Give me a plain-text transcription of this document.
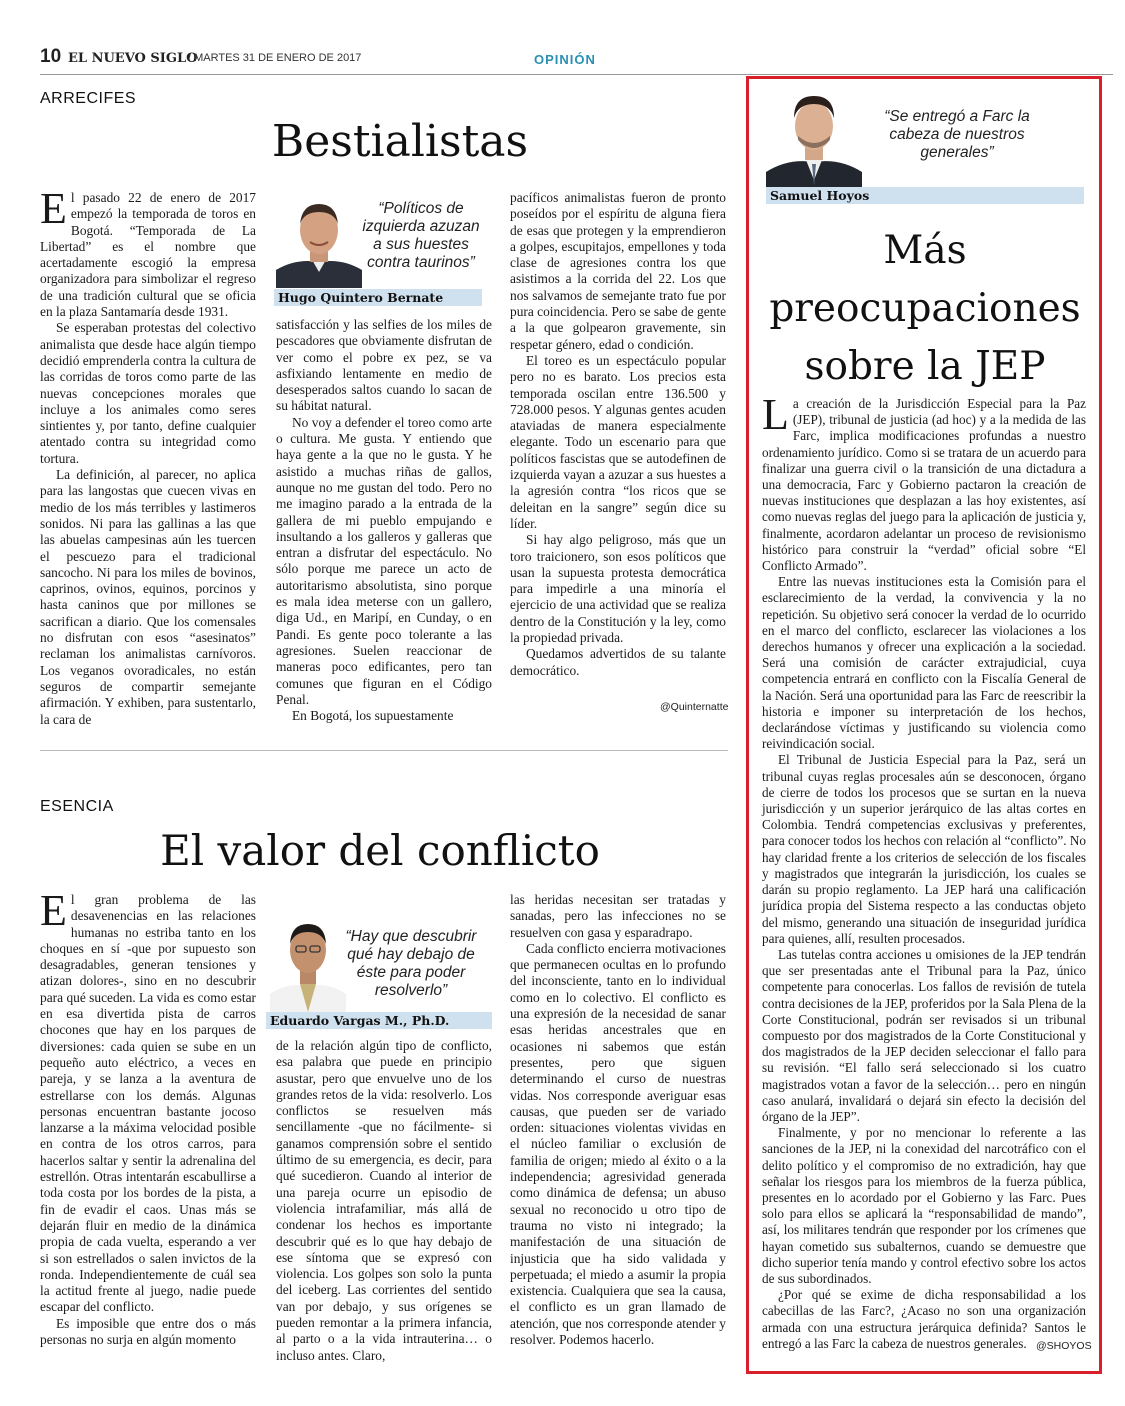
10 EL NUEVO SIGLO
/ MARTES 31 DE ENERO DE 2017	OPINIÓN
ARRECIFES
Bestialistas
E l pasado 22 de enero de 2017 empezó la temporada de toros en Bogotá. “Temporada de La Libertad” es el nombre que acertadamente escogió la empresa organizadora para simbolizar el regreso de una tradición cultural que se oficia en la plaza Santamaría desde 1931.

Se esperaban protestas del colectivo animalista que desde hace algún tiempo decidió emprenderla contra la cultura de las corridas de toros como parte de las nuevas concepciones morales que incluye a los animales como seres sintientes y, por tanto, define cualquier atentado contra su integridad como tortura.

La definición, al parecer, no aplica para las langostas que cuecen vivas en medio de los más terribles y lastimeros sonidos. Ni para las gallinas a las que las abuelas campesinas aún les tuercen el pescuezo para el tradicional sancocho. Ni para los miles de bovinos, caprinos, ovinos, equinos, porcinos y hasta caninos que por millones se sacrifican a diario. Que los comensales no disfrutan con esos “asesinatos” reclaman los animalistas carnívoros. Los veganos ovoradicales, no están seguros de compartir semejante afirmación. Y exhiben, para sustentarlo, la cara de

“Políticos de izquierda azuzan a sus huestes contra taurinos”
Hugo Quintero Bernate

satisfacción y las selfies de los miles de pescadores que obviamente disfrutan de ver como el pobre ex pez, se va asfixiando lentamente en medio de desesperados saltos cuando lo sacan de su hábitat natural.

No voy a defender el toreo como arte o cultura. Me gusta. Y entiendo que haya gente a la que no le gusta. Y he asistido a muchas riñas de gallos, aunque no me gustan del todo. Pero no me imagino parado a la entrada de la gallera de mi pueblo empujando e insultando a los galleros y galleras que entran a disfrutar del espectáculo. No sólo porque me parece un acto de autoritarismo absolutista, sino porque es mala idea meterse con un gallero, diga Ud., en Maripí, en Cunday, o en Pandi. Es gente poco tolerante a las agresiones. Suelen reaccionar de maneras poco edificantes, pero tan comunes que figuran en el Código Penal.

En Bogotá, los supuestamente

pacíficos animalistas fueron de pronto poseídos por el espíritu de alguna fiera de esas que protegen y la emprendieron a golpes, escupitajos, empellones y toda clase de agresiones contra los que asistimos a la corrida del 22. Los que nos salvamos de semejante trato fue por pura coincidencia. Pero se sabe de gente a la que golpearon gravemente, sin respetar género, edad o condición.

El toreo es un espectáculo popular pero no es barato. Los precios esta temporada oscilan entre 136.500 y 728.000 pesos. Y algunas gentes acuden ataviadas de manera especialmente elegante. Todo un escenario para que políticos fascistas que se autodefinen de izquierda vayan a azuzar a sus huestes a la agresión contra “los ricos que se deleitan en la sangre” según dice su líder.

Si hay algo peligroso, más que un toro traicionero, son esos políticos que usan la supuesta protesta democrática para impedirle a una minoría el ejercicio de una actividad que se realiza dentro de la Constitución y la ley, como la propiedad privada.

Quedamos advertidos de su talante democrático.

@Quinternatte
ESENCIA
El valor del conflicto
E l gran problema de las desavenencias en las relaciones humanas no estriba tanto en los choques en sí -que por supuesto son desagradables, generan tensiones y atizan dolores-, sino en no descubrir para qué suceden. La vida es como estar en esa divertida pista de carros chocones que hay en los parques de diversiones: cada quien se sube en un pequeño auto eléctrico, a veces en pareja, y se lanza a la aventura de estrellarse con los demás. Algunas personas encuentran bastante jocoso lanzarse a la máxima velocidad posible en contra de los otros carros, para hacerlos saltar y sentir la adrenalina del estrellón. Otras intentarán escabullirse a toda costa por los bordes de la pista, a fin de evadir el caos. Unas más se dejarán fluir en medio de la dinámica propia de cada vuelta, esperando a ver si son estrellados o salen invictos de la ronda. Independientemente de cuál sea la actitud frente al juego, nadie puede escapar del conflicto.

Es imposible que entre dos o más personas no surja en algún momento

“Hay que descubrir qué hay debajo de éste para poder resolverlo”
Eduardo Vargas M., Ph.D.

de la relación algún tipo de conflicto, esa palabra que puede en principio asustar, pero que envuelve uno de los grandes retos de la vida: resolverlo. Los conflictos se resuelven más sencillamente -que no fácilmente- si ganamos comprensión sobre el sentido último de su emergencia, es decir, para qué sucedieron. Cuando al interior de una pareja ocurre un episodio de violencia intrafamiliar, más allá de condenar los hechos es importante descubrir qué es lo que hay debajo de ese síntoma que se expresó con violencia. Los golpes son solo la punta del iceberg. Las corrientes del sentido van por debajo, y sus orígenes se pueden remontar a la primera infancia, al parto o a la vida intrauterina… o incluso antes. Claro,

las heridas necesitan ser tratadas y sanadas, pero las infecciones no se resuelven con gasa y esparadrapo.

Cada conflicto encierra motivaciones que permanecen ocultas en lo profundo del inconsciente, tanto en lo individual como en lo colectivo. El conflicto es una expresión de la necesidad de sanar esas heridas ancestrales que en ocasiones ni sabemos que están presentes, pero que siguen determinando el curso de nuestras vidas. Nos corresponde averiguar esas causas, que pueden ser de variado orden: situaciones violentas vividas en el núcleo familiar o exclusión de familia de origen; miedo al éxito o a la independencia; agresividad generada como dinámica de defensa; un abuso sexual no reconocido u otro tipo de trauma no visto ni integrado; la manifestación de una situación de injusticia que ha sido validada y perpetuada; el miedo a asumir la propia existencia. Cualquiera que sea la causa, el conflicto es un gran llamado de atención, que nos corresponde atender y resolver. Podemos hacerlo.

“Se entregó a Farc la cabeza de nuestros generales”
Samuel Hoyos
Más
preocupaciones
sobre la JEP
L a creación de la Jurisdicción Especial para la Paz (JEP), tribunal de justicia (ad hoc) y a la medida de las Farc, implica modificaciones profundas a nuestro ordenamiento jurídico. Como si se tratara de un acuerdo para finalizar una guerra civil o la transición de una dictadura a una democracia, Farc y Gobierno pactaron la creación de nuevas instituciones que desplazan a las hoy existentes, así como nuevas reglas del juego para la aplicación de justicia y, finalmente, acordaron adelantar un proceso de revisionismo histórico para construir la “verdad” oficial sobre “El Conflicto Armado”.

Entre las nuevas instituciones esta la Comisión para el esclarecimiento de la verdad, la convivencia y la no repetición. Su objetivo será conocer la verdad de lo ocurrido en el marco del conflicto, esclarecer las violaciones a los derechos humanos y ofrecer una explicación a la sociedad. Será una comisión de carácter extrajudicial, cuya competencia entrará en conflicto con la Fiscalía General de la Nación. Será una oportunidad para las Farc de reescribir la historia e imponer su interpretación de los hechos, declarándose víctimas y justificando su violencia como reivindicación social.

El Tribunal de Justicia Especial para la Paz, será un tribunal cuyas reglas procesales aún se desconocen, órgano de cierre de todos los procesos que se surtan en la nueva jurisdicción y un superior jerárquico de las altas cortes en Colombia. Tendrá competencias exclusivas y preferentes, para conocer todos los hechos con relación al “conflicto”. No hay claridad frente a los criterios de selección de los fiscales y magistrados que integrarán la jurisdicción, los cuales se darán su propio reglamento. La JEP hará una calificación jurídica propia del Sistema respecto a las conductas objeto del mismo, generando una situación de inseguridad jurídica para quienes, allí, resulten procesados.

Las tutelas contra acciones u omisiones de la JEP tendrán que ser presentadas ante el Tribunal para la Paz, único competente para conocerlas. Los fallos de revisión de tutela contra decisiones de la JEP, proferidos por la Sala Plena de la Corte Constitucional, podrán ser revisados si un tribunal compuesto por dos magistrados de la Corte Constitucional y dos magistrados de la JEP deciden seleccionar el fallo para su revisión. “El fallo será seleccionado si los cuatro magistrados votan a favor de la selección… pero en ningún caso anulará, invalidará o dejará sin efecto la decisión del órgano de la JEP”.

Finalmente, y por no mencionar lo referente a las sanciones de la JEP, ni la conexidad del narcotráfico con el delito político y el compromiso de no extradición, hay que señalar los riesgos para los miembros de la fuerza pública, presentes en lo acordado por el Gobierno y las Farc. Pues solo para ellos se aplicará la “responsabilidad de mando”, así, los militares tendrán que responder por los crímenes que hayan cometido sus subalternos, cuando se demuestre que dicho superior tenía mando y control efectivo sobre los actos de sus subordinados.

¿Por qué se exime de dicha responsabilidad a los cabecillas de las Farc?, ¿Acaso no son una organización armada con una estructura jerárquica definida? Santos le entregó a las Farc la cabeza de nuestros generales. @SHOYOS
